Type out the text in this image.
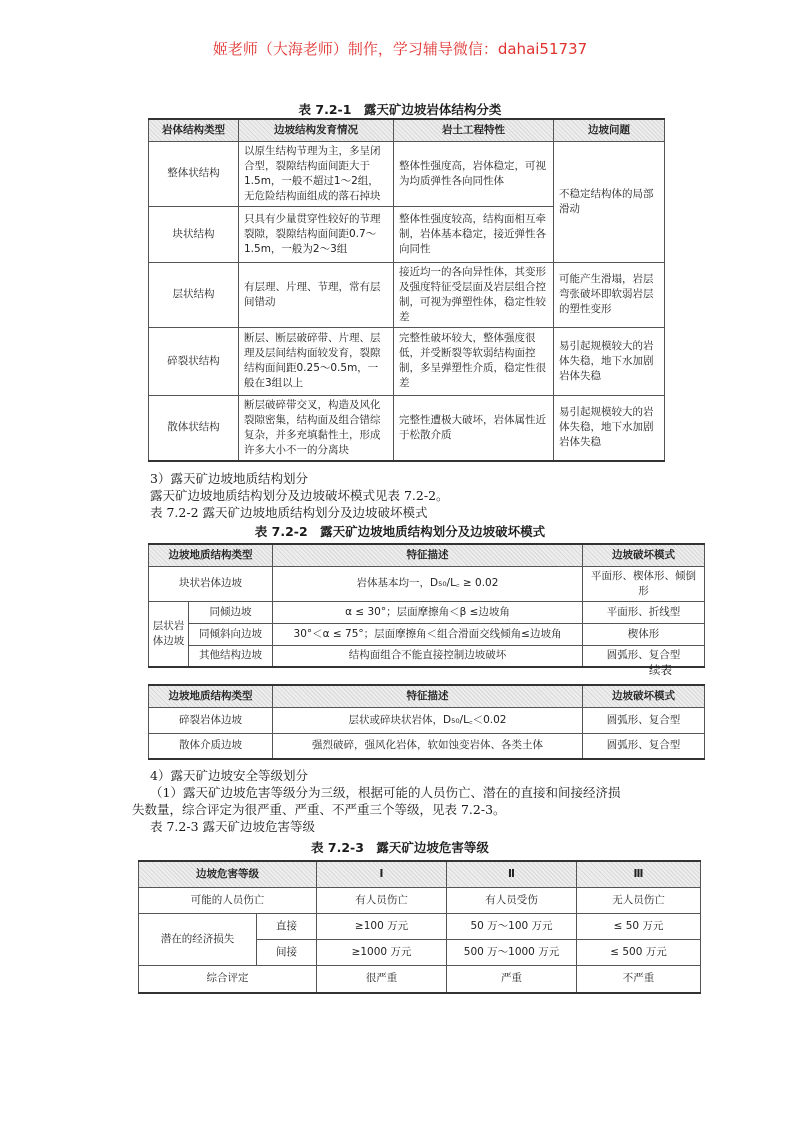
姬老师（大海老师）制作，学习辅导微信：dahai51737
表 7.2-1　露天矿边坡岩体结构分类
岩体结构类型	边坡结构发育情况	岩土工程特性	边坡问题
整体状结构	以原生结构节理为主，多呈闭合型，裂隙结构面间距大于1.5m，一般不超过1～2组，无危险结构面组成的落石掉块	整体性强度高，岩体稳定，可视为均质弹性各向同性体	不稳定结构体的局部滑动
块状结构	只具有少量贯穿性较好的节理裂隙，裂隙结构面间距0.7～1.5m，一般为2～3组	整体性强度较高，结构面相互牵制，岩体基本稳定，接近弹性各向同性	
层状结构	有层理、片理、节理，常有层间错动	接近均一的各向异性体，其变形及强度特征受层面及岩层组合控制，可视为弹塑性体，稳定性较差	可能产生滑塌，岩层弯张破坏即软弱岩层的塑性变形
碎裂状结构	断层、断层破碎带、片理、层理及层间结构面较发育，裂隙结构面间距0.25～0.5m，一般在3组以上	完整性破坏较大，整体强度很低，并受断裂等软弱结构面控制，多呈弹塑性介质，稳定性很差	易引起规模较大的岩体失稳，地下水加剧岩体失稳
散体状结构	断层破碎带交叉，构造及风化裂隙密集，结构面及组合错综复杂，并多充填黏性土，形成许多大小不一的分离块	完整性遭极大破坏，岩体属性近于松散介质	易引起规模较大的岩体失稳，地下水加剧岩体失稳
3）露天矿边坡地质结构划分
露天矿边坡地质结构划分及边坡破坏模式见表 7.2-2。
表 7.2-2 露天矿边坡地质结构划分及边坡破坏模式
表 7.2-2　露天矿边坡地质结构划分及边坡破坏模式
边坡地质结构类型		特征描述	边坡破坏模式
块状岩体边坡		岩体基本均一，D₅₀/L꜀ ≥ 0.02	平面形、楔体形、倾倒形
层状岩体边坡	同倾边坡	α ≤ 30°；层面摩擦角＜β ≤边坡角	平面形、折线型
	同倾斜向边坡	30°＜α ≤ 75°；层面摩擦角＜组合滑面交线倾角≤边坡角	楔体形
	其他结构边坡	结构面组合不能直接控制边坡破坏	圆弧形、复合型
续表
边坡地质结构类型	特征描述	边坡破坏模式
碎裂岩体边坡	层状或碎块状岩体，D₅₀/L꜀＜0.02	圆弧形、复合型
散体介质边坡	强烈破碎，强风化岩体，软如蚀变岩体、各类土体	圆弧形、复合型
4）露天矿边坡安全等级划分
（1）露天矿边坡危害等级分为三级，根据可能的人员伤亡、潜在的直接和间接经济损
失数量，综合评定为很严重、严重、不严重三个等级，见表 7.2-3。
表 7.2-3 露天矿边坡危害等级
表 7.2-3　露天矿边坡危害等级
边坡危害等级		Ⅰ	Ⅱ	Ⅲ
可能的人员伤亡		有人员伤亡	有人员受伤	无人员伤亡
潜在的经济损失	直接	≥100 万元	50 万～100 万元	≤ 50 万元
	间接	≥1000 万元	500 万～1000 万元	≤ 500 万元
综合评定		很严重	严重	不严重
